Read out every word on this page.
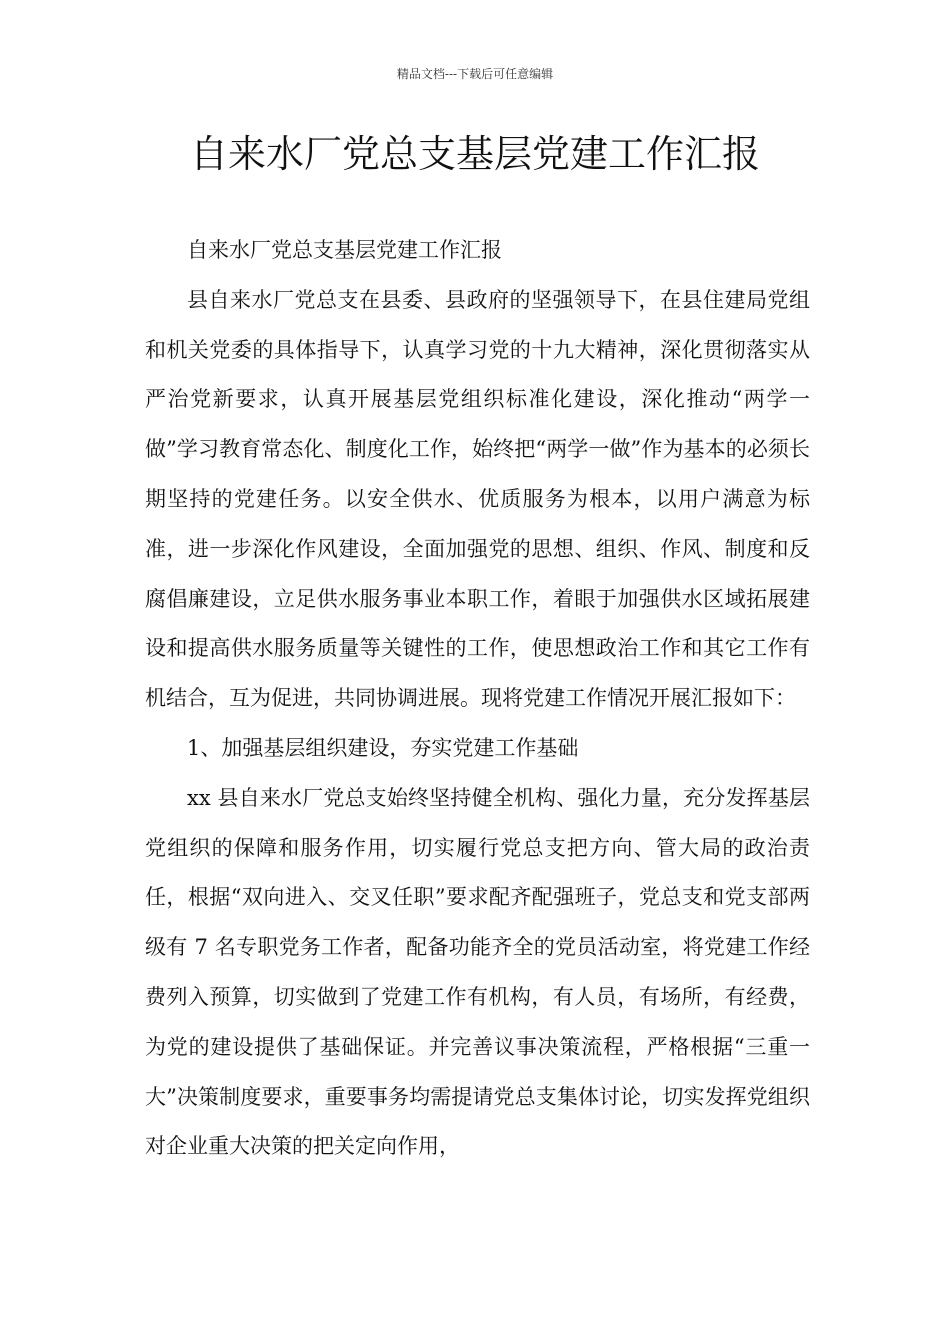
精品文档---下载后可任意编辑
自来水厂党总支基层党建工作汇报

自来水厂党总支基层党建工作汇报

县自来水厂党总支在县委、县政府的坚强领导下，在县住建局党组和机关党委的具体指导下，认真学习党的十九大精神，深化贯彻落实从严治党新要求，认真开展基层党组织标准化建设，深化推动“两学一做”学习教育常态化、制度化工作，始终把“两学一做”作为基本的必须长期坚持的党建任务。以安全供水、优质服务为根本，以用户满意为标准，进一步深化作风建设，全面加强党的思想、组织、作风、制度和反腐倡廉建设，立足供水服务事业本职工作，着眼于加强供水区域拓展建设和提高供水服务质量等关键性的工作，使思想政治工作和其它工作有机结合，互为促进，共同协调进展。现将党建工作情况开展汇报如下：

1、加强基层组织建设，夯实党建工作基础

xx 县自来水厂党总支始终坚持健全机构、强化力量，充分发挥基层党组织的保障和服务作用，切实履行党总支把方向、管大局的政治责任，根据“双向进入、交叉任职”要求配齐配强班子，党总支和党支部两级有 7 名专职党务工作者，配备功能齐全的党员活动室，将党建工作经费列入预算，切实做到了党建工作有机构，有人员，有场所，有经费，为党的建设提供了基础保证。并完善议事决策流程，严格根据“三重一大”决策制度要求，重要事务均需提请党总支集体讨论，切实发挥党组织对企业重大决策的把关定向作用，
